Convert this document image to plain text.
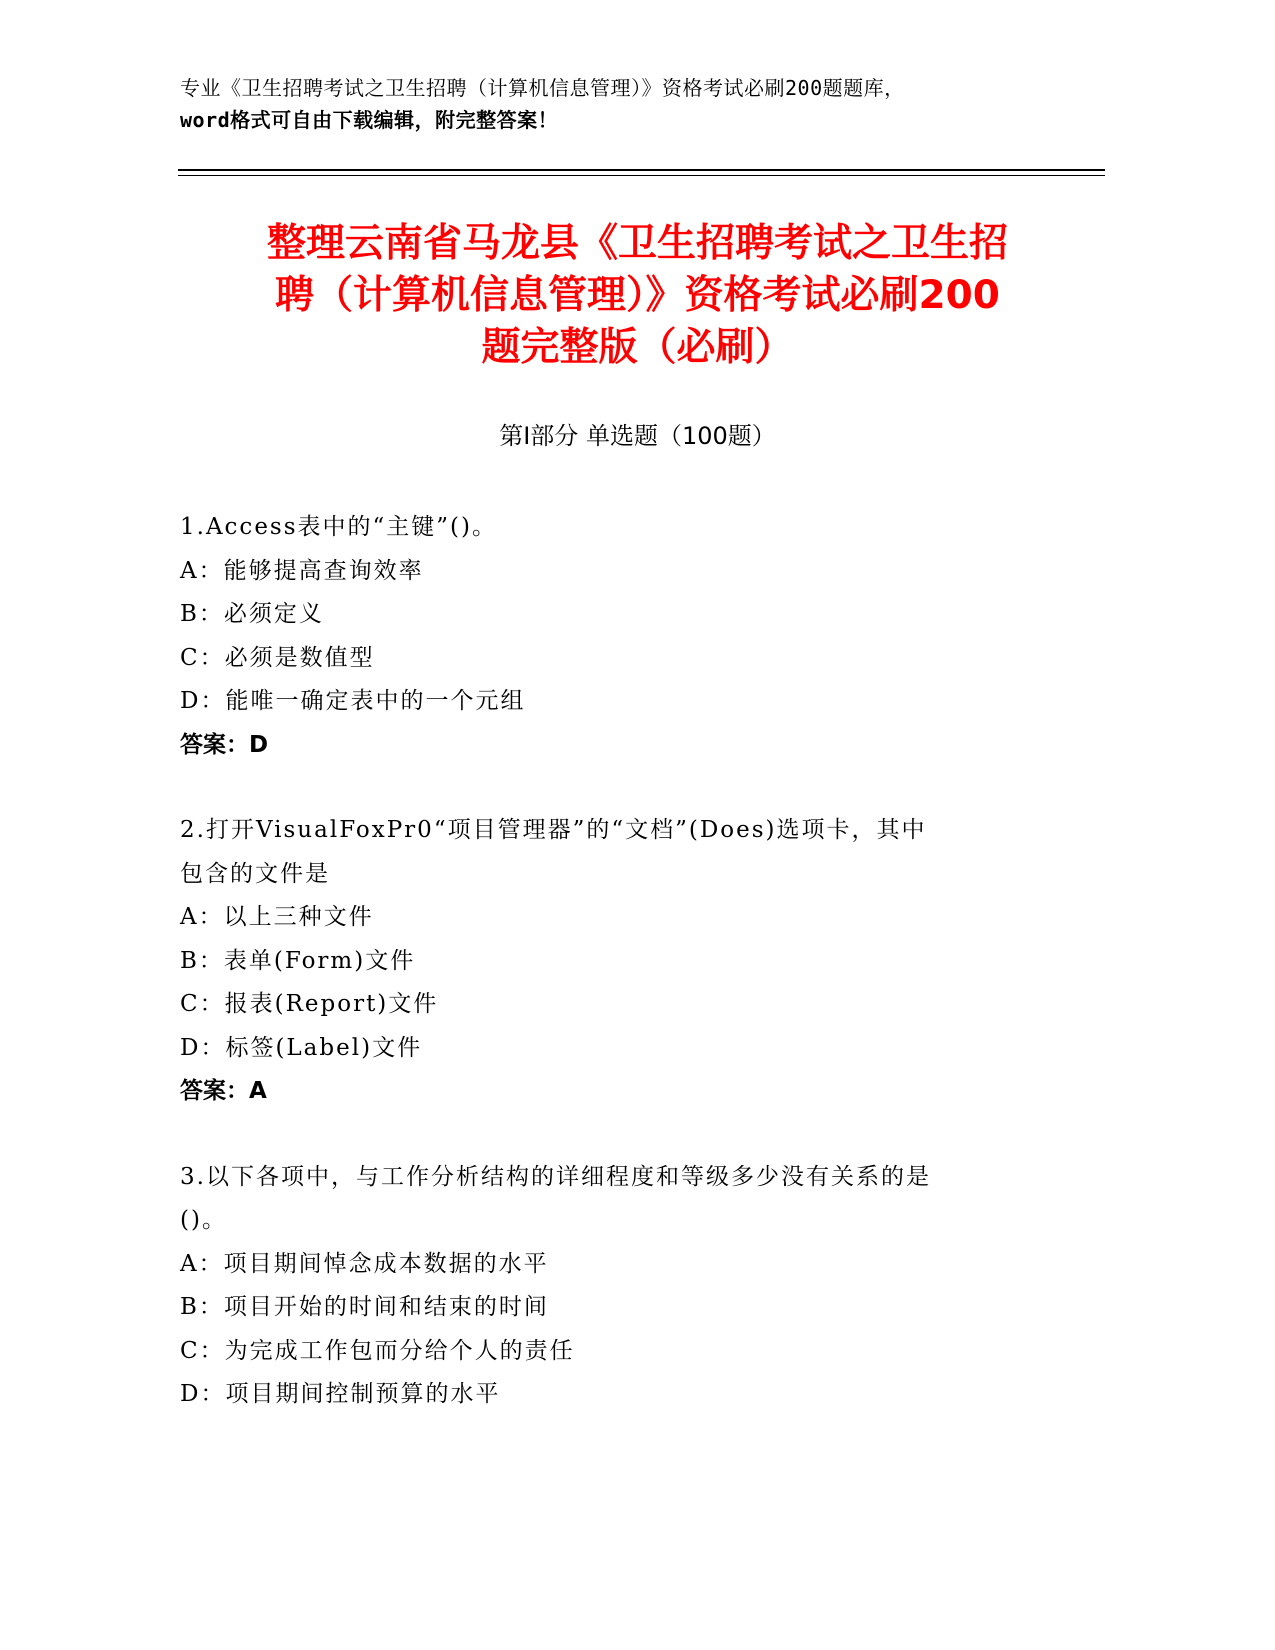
专业《卫生招聘考试之卫生招聘（计算机信息管理）》资格考试必刷200题题库，
word格式可自由下载编辑，附完整答案！
整理云南省马龙县《卫生招聘考试之卫生招
聘（计算机信息管理）》资格考试必刷200
题完整版（必刷）
第I部分 单选题（100题）
1.Access表中的“主键”()。
A：能够提高查询效率
B：必须定义
C：必须是数值型
D：能唯一确定表中的一个元组
答案：D
2.打开VisualFoxPr0“项目管理器”的“文档”(Does)选项卡，其中
包含的文件是
A：以上三种文件
B：表单(Form)文件
C：报表(Report)文件
D：标签(Label)文件
答案：A
3.以下各项中，与工作分析结构的详细程度和等级多少没有关系的是
()。
A：项目期间悼念成本数据的水平
B：项目开始的时间和结束的时间
C：为完成工作包而分给个人的责任
D：项目期间控制预算的水平
